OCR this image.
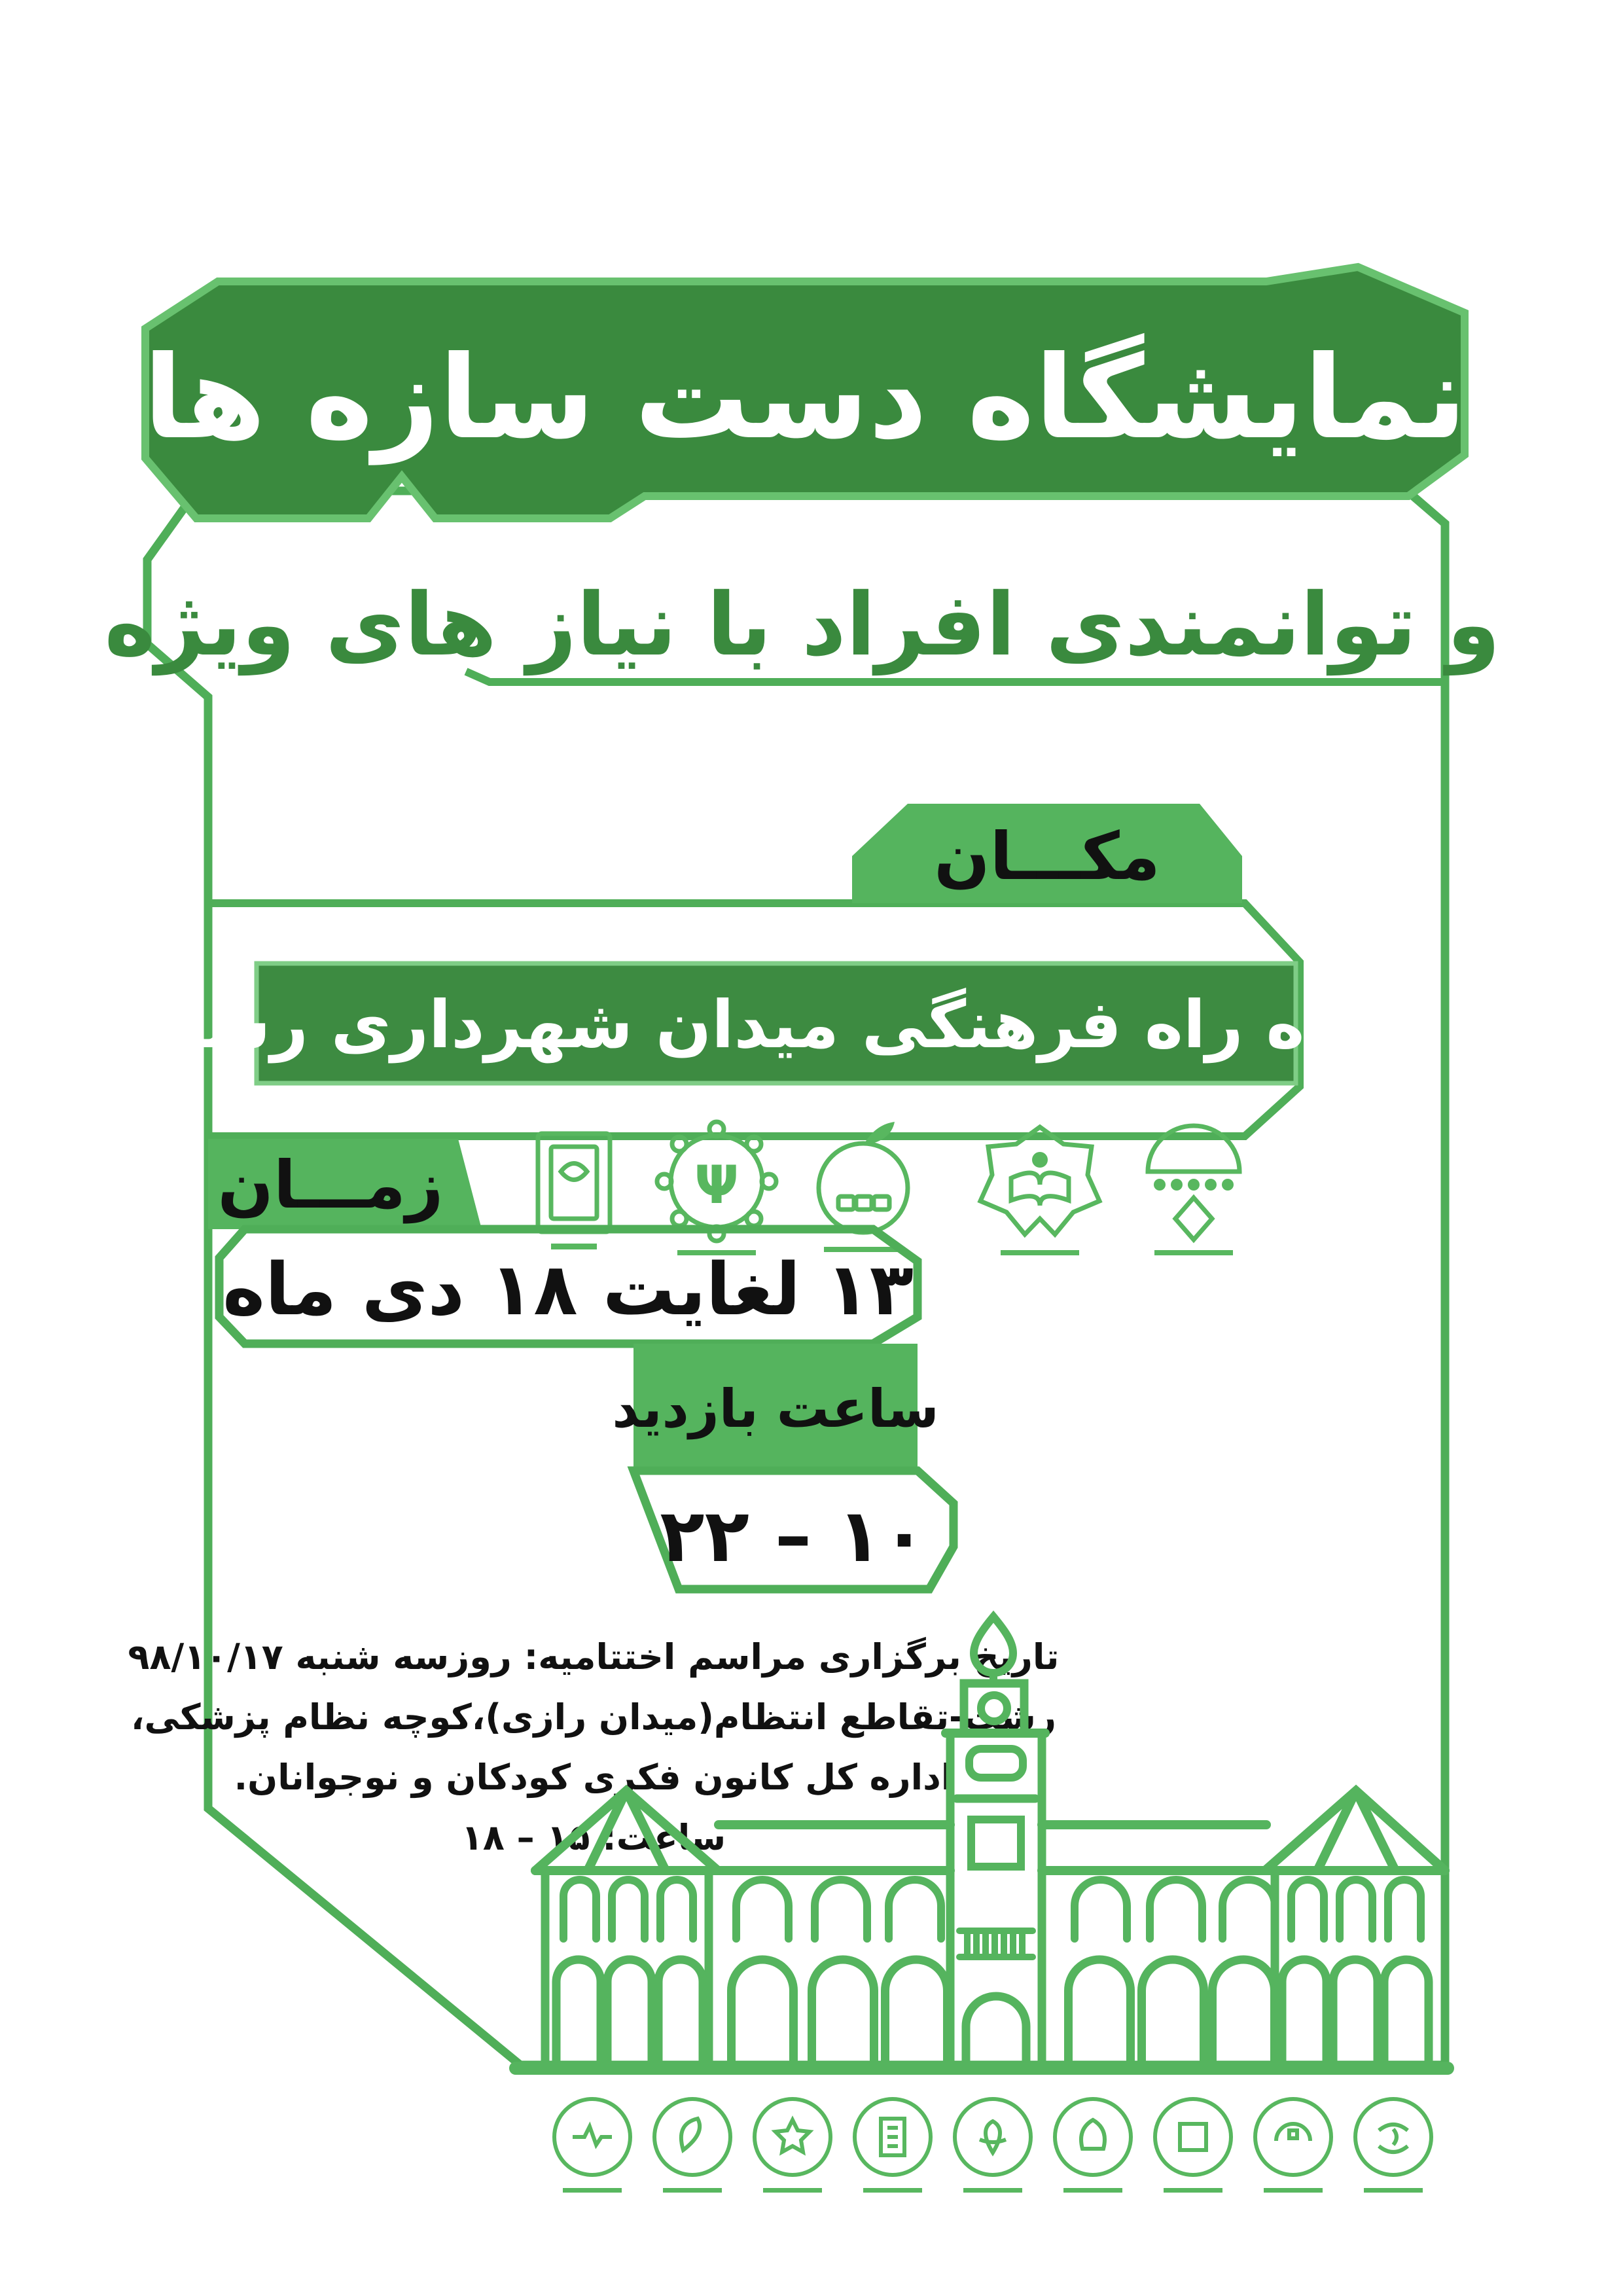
پیاده راه فرهنگی میدان شهرداری رشت
مکـــان
زمـــان	Ψ
۱۳ لغایت ۱۸ دی ماه
ساعت بازدید
۱۰ – ۲۲
تاریخ برگزاری مراسم اختتامیه: روزسه شنبه ۹۸/۱۰/۱۷
رشت-تقاطع انتظام(میدان رازی)،کوچه نظام پزشکی،
اداره کل کانون فکری کودکان و نوجوانان.
ساعت: ۱۵ – ۱۸
نمایشگاه دست سازه ها
و توانمندی افراد با نیاز های ویژه
